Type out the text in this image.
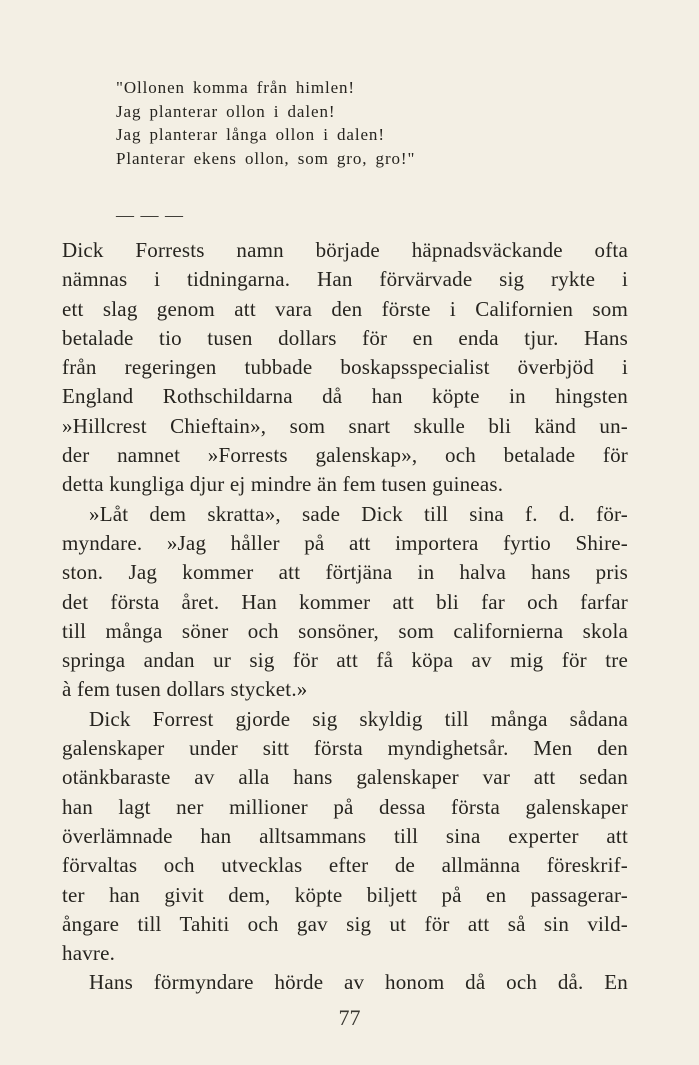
"Ollonen komma från himlen!
Jag planterar ollon i dalen!
Jag planterar långa ollon i dalen!
Planterar ekens ollon, som gro, gro!"
— — —
Dick Forrests namn började häpnadsväckande ofta
nämnas i tidningarna. Han förvärvade sig rykte i
ett slag genom att vara den förste i Californien som
betalade tio tusen dollars för en enda tjur. Hans
från regeringen tubbade boskapsspecialist överbjöd i
England Rothschildarna då han köpte in hingsten
»Hillcrest Chieftain», som snart skulle bli känd un-
der namnet »Forrests galenskap», och betalade för
detta kungliga djur ej mindre än fem tusen guineas.
»Låt dem skratta», sade Dick till sina f. d. för-
myndare. »Jag håller på att importera fyrtio Shire-
ston. Jag kommer att förtjäna in halva hans pris
det första året. Han kommer att bli far och farfar
till många söner och sonsöner, som californierna skola
springa andan ur sig för att få köpa av mig för tre
à fem tusen dollars stycket.»
Dick Forrest gjorde sig skyldig till många sådana
galenskaper under sitt första myndighetsår. Men den
otänkbaraste av alla hans galenskaper var att sedan
han lagt ner millioner på dessa första galenskaper
överlämnade han alltsammans till sina experter att
förvaltas och utvecklas efter de allmänna föreskrif-
ter han givit dem, köpte biljett på en passagerar-
ångare till Tahiti och gav sig ut för att så sin vild-
havre.
Hans förmyndare hörde av honom då och då. En
77
